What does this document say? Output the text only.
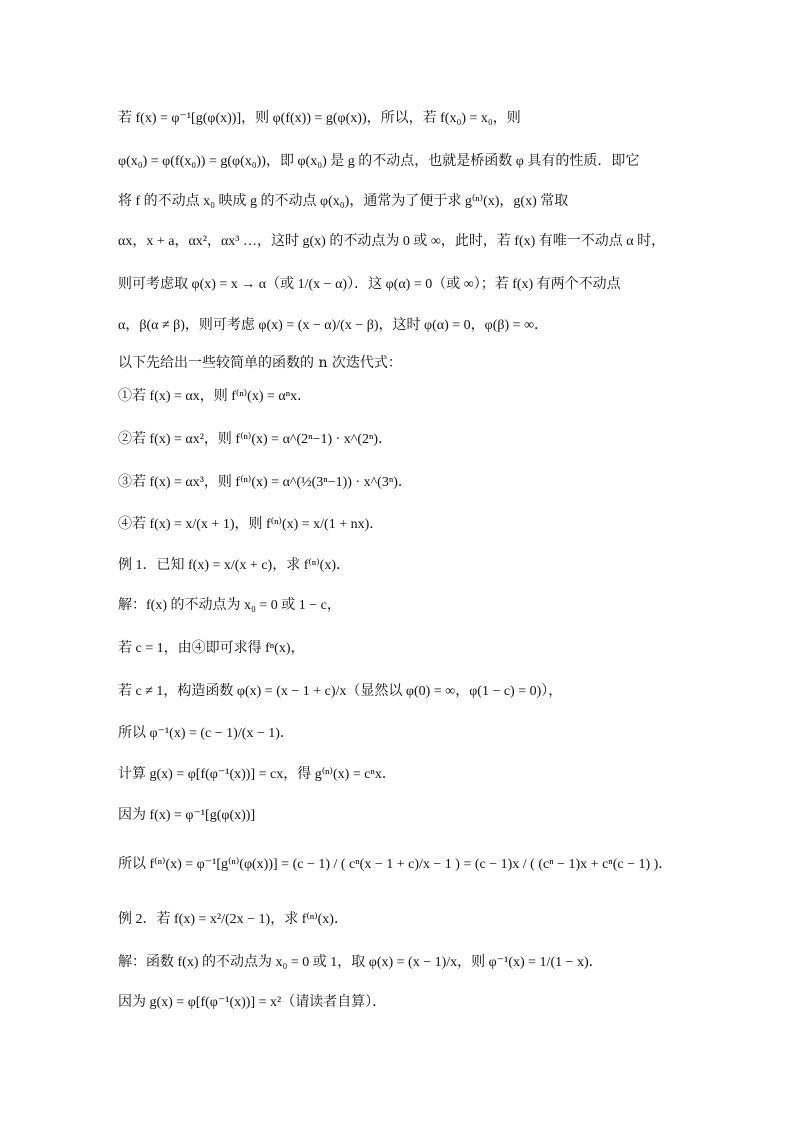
若 f(x) = φ⁻¹[g(φ(x))]，则 φ(f(x)) = g(φ(x))，所以，若 f(x₀) = x₀，则
φ(x₀) = φ(f(x₀)) = g(φ(x₀))，即 φ(x₀) 是 g 的不动点，也就是桥函数 φ 具有的性质．即它
将 f 的不动点 x₀ 映成 g 的不动点 φ(x₀)，通常为了便于求 g⁽ⁿ⁾(x)，g(x) 常取
αx，x + a，αx²，αx³ …，这时 g(x) 的不动点为 0 或 ∞，此时，若 f(x) 有唯一不动点 α 时，
则可考虑取 φ(x) = x → α（或 1/(x − α)）．这 φ(α) = 0（或 ∞）；若 f(x) 有两个不动点
α，β(α ≠ β)，则可考虑 φ(x) = (x − α)/(x − β)，这时 φ(α) = 0，φ(β) = ∞．
以下先给出一些较简单的函数的 n 次迭代式：
①若 f(x) = αx，则 f⁽ⁿ⁾(x) = αⁿx．
②若 f(x) = αx²，则 f⁽ⁿ⁾(x) = α^(2ⁿ−1) · x^(2ⁿ)．
③若 f(x) = αx³，则 f⁽ⁿ⁾(x) = α^(½(3ⁿ−1)) · x^(3ⁿ)．
④若 f(x) = x/(x + 1)，则 f⁽ⁿ⁾(x) = x/(1 + nx)．
例 1．已知 f(x) = x/(x + c)，求 f⁽ⁿ⁾(x)．
解：f(x) 的不动点为 x₀ = 0 或 1 − c，
若 c = 1，由④即可求得 fⁿ(x)，
若 c ≠ 1，构造函数 φ(x) = (x − 1 + c)/x（显然以 φ(0) = ∞，φ(1 − c) = 0)），
所以 φ⁻¹(x) = (c − 1)/(x − 1)．
计算 g(x) = φ[f(φ⁻¹(x))] = cx，得 g⁽ⁿ⁾(x) = cⁿx．
因为 f(x) = φ⁻¹[g(φ(x))]
所以 f⁽ⁿ⁾(x) = φ⁻¹[g⁽ⁿ⁾(φ(x))] = (c − 1) / ( cⁿ(x − 1 + c)/x − 1 ) = (c − 1)x / ( (cⁿ − 1)x + cⁿ(c − 1) )．
例 2．若 f(x) = x²/(2x − 1)，求 f⁽ⁿ⁾(x)．
解：函数 f(x) 的不动点为 x₀ = 0 或 1，取 φ(x) = (x − 1)/x，则 φ⁻¹(x) = 1/(1 − x)．
因为 g(x) = φ[f(φ⁻¹(x))] = x²（请读者自算）．
